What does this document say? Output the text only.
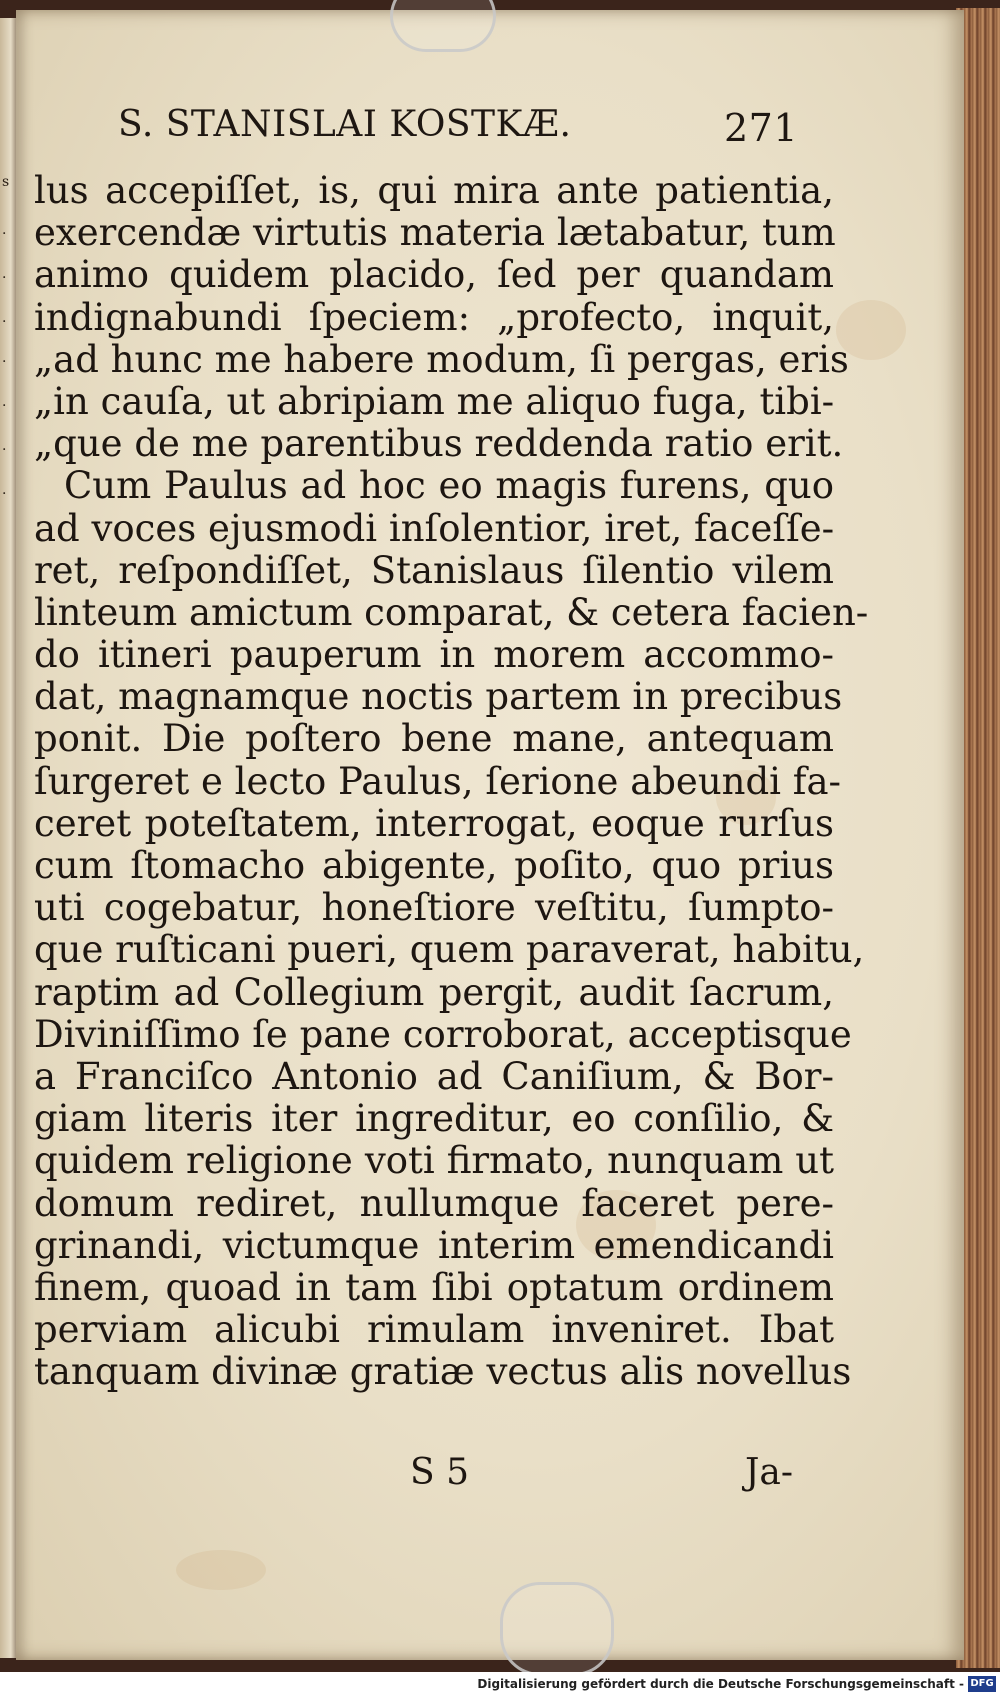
s
·
·
·
·
·
·
·
S. STANISLAI KOSTKÆ.	271
lus accepiſſet, is, qui mira ante patientia,
exercendæ virtutis materia lætabatur, tum
animo quidem placido, ſed per quandam
indignabundi ſpeciem: „profecto, inquit,
„ad hunc me habere modum, ſi pergas, eris
„in cauſa, ut abripiam me aliquo fuga, tibi-
„que de me parentibus reddenda ratio erit.
Cum Paulus ad hoc eo magis furens, quo
ad voces ejusmodi inſolentior, iret, faceſſe-
ret, reſpondiſſet, Stanislaus ſilentio vilem
linteum amictum comparat, & cetera facien-
do itineri pauperum in morem accommo-
dat, magnamque noctis partem in precibus
ponit. Die poſtero bene mane, antequam
ſurgeret e lecto Paulus, ſerione abeundi fa-
ceret poteſtatem, interrogat, eoque rurſus
cum ſtomacho abigente, poſito, quo prius
uti cogebatur, honeſtiore veſtitu, ſumpto-
que ruſticani pueri, quem paraverat, habitu,
raptim ad Collegium pergit, audit ſacrum,
Diviniſſimo ſe pane corroborat, acceptisque
a Franciſco Antonio ad Caniſium, & Bor-
giam literis iter ingreditur, eo conſilio, &
quidem religione voti firmato, nunquam ut
domum rediret, nullumque faceret pere-
grinandi, victumque interim emendicandi
finem, quoad in tam ſibi optatum ordinem
perviam alicubi rimulam inveniret. Ibat
tanquam divinæ gratiæ vectus alis novellus
S 5	Ja-
Digitalisierung gefördert durch die Deutsche Forschungsgemeinschaft - DFG
